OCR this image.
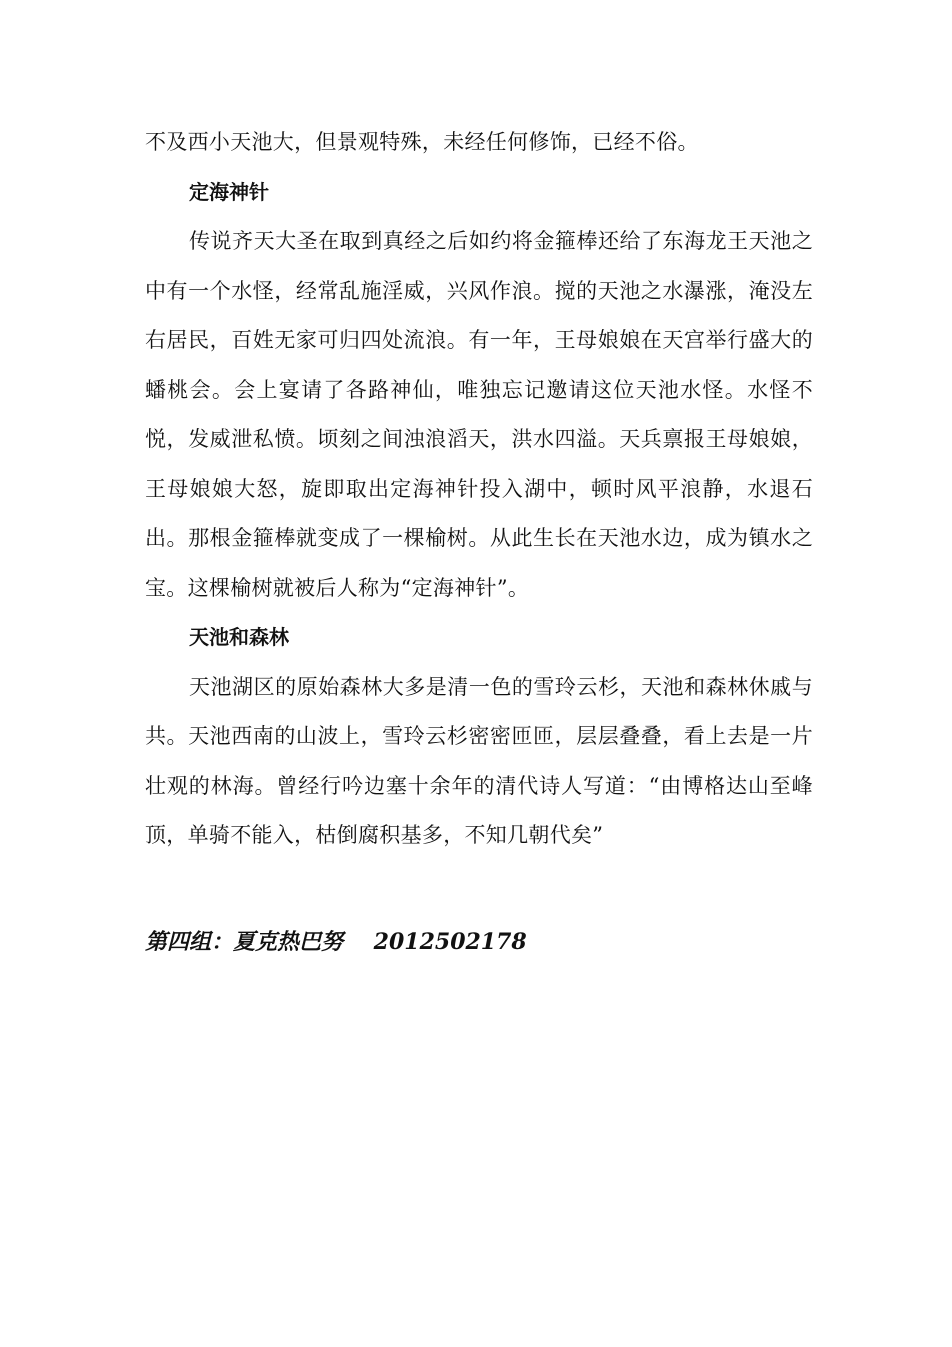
不及西小天池大，但景观特殊，未经任何修饰，已经不俗。

定海神针

传说齐天大圣在取到真经之后如约将金箍棒还给了东海龙王天池之中有一个水怪，经常乱施淫威，兴风作浪。搅的天池之水瀑涨，淹没左右居民，百姓无家可归四处流浪。有一年，王母娘娘在天宫举行盛大的蟠桃会。会上宴请了各路神仙，唯独忘记邀请这位天池水怪。水怪不悦，发威泄私愤。顷刻之间浊浪滔天，洪水四溢。天兵禀报王母娘娘，王母娘娘大怒，旋即取出定海神针投入湖中，顿时风平浪静，水退石出。那根金箍棒就变成了一棵榆树。从此生长在天池水边，成为镇水之宝。这棵榆树就被后人称为“定海神针”。

天池和森林

天池湖区的原始森林大多是清一色的雪玲云杉，天池和森林休戚与共。天池西南的山波上，雪玲云杉密密匝匝，层层叠叠，看上去是一片壮观的林海。曾经行吟边塞十余年的清代诗人写道：“由博格达山至峰顶，单骑不能入，枯倒腐积基多，不知几朝代矣”

第四组：夏克热巴努 2012502178
